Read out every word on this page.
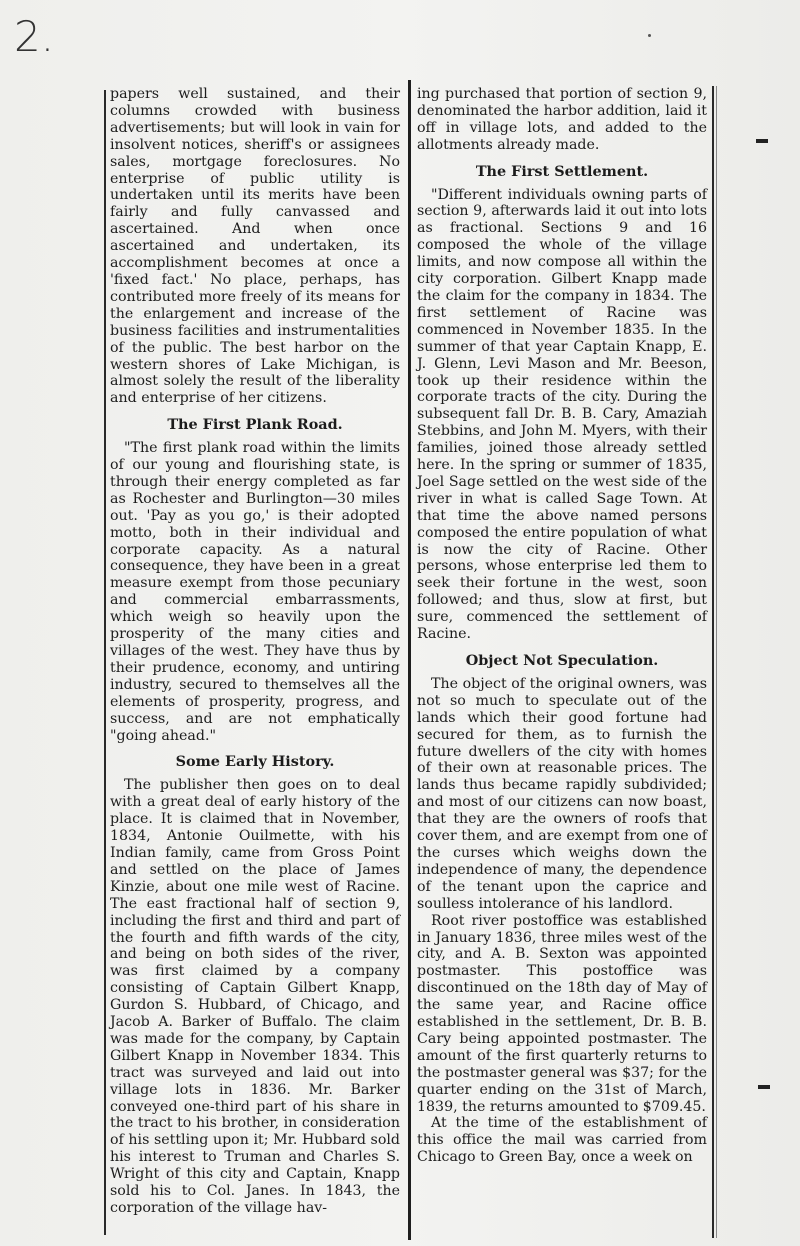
2.

papers well sustained, and their columns crowded with business advertisements; but will look in vain for insolvent notices, sheriff's or assignees sales, mortgage foreclosures. No enterprise of public utility is undertaken until its merits have been fairly and fully canvassed and ascertained. And when once ascertained and undertaken, its accomplishment becomes at once a 'fixed fact.' No place, perhaps, has contributed more freely of its means for the enlargement and increase of the business facilities and instrumentalities of the public. The best harbor on the western shores of Lake Michigan, is almost solely the result of the liberality and enterprise of her citizens.

The First Plank Road.

"The first plank road within the limits of our young and flourishing state, is through their energy completed as far as Rochester and Burlington—30 miles out. 'Pay as you go,' is their adopted motto, both in their individual and corporate capacity. As a natural consequence, they have been in a great measure exempt from those pecuniary and commercial embarrassments, which weigh so heavily upon the prosperity of the many cities and villages of the west. They have thus by their prudence, economy, and untiring industry, secured to themselves all the elements of prosperity, progress, and success, and are not emphatically "going ahead."

Some Early History.

The publisher then goes on to deal with a great deal of early history of the place. It is claimed that in November, 1834, Antonie Ouilmette, with his Indian family, came from Gross Point and settled on the place of James Kinzie, about one mile west of Racine. The east fractional half of section 9, including the first and third and part of the fourth and fifth wards of the city, and being on both sides of the river, was first claimed by a company consisting of Captain Gilbert Knapp, Gurdon S. Hubbard, of Chicago, and Jacob A. Barker of Buffalo. The claim was made for the company, by Captain Gilbert Knapp in November 1834. This tract was surveyed and laid out into village lots in 1836. Mr. Barker conveyed one-third part of his share in the tract to his brother, in consideration of his settling upon it; Mr. Hubbard sold his interest to Truman and Charles S. Wright of this city and Captain, Knapp sold his to Col. Janes. In 1843, the corporation of the village hav-

ing purchased that portion of section 9, denominated the harbor addition, laid it off in village lots, and added to the allotments already made.

The First Settlement.

"Different individuals owning parts of section 9, afterwards laid it out into lots as fractional. Sections 9 and 16 composed the whole of the village limits, and now compose all within the city corporation. Gilbert Knapp made the claim for the company in 1834. The first settlement of Racine was commenced in November 1835. In the summer of that year Captain Knapp, E. J. Glenn, Levi Mason and Mr. Beeson, took up their residence within the corporate tracts of the city. During the subsequent fall Dr. B. B. Cary, Amaziah Stebbins, and John M. Myers, with their families, joined those already settled here. In the spring or summer of 1835, Joel Sage settled on the west side of the river in what is called Sage Town. At that time the above named persons composed the entire population of what is now the city of Racine. Other persons, whose enterprise led them to seek their fortune in the west, soon followed; and thus, slow at first, but sure, commenced the settlement of Racine.

Object Not Speculation.

The object of the original owners, was not so much to speculate out of the lands which their good fortune had secured for them, as to furnish the future dwellers of the city with homes of their own at reasonable prices. The lands thus became rapidly subdivided; and most of our citizens can now boast, that they are the owners of roofs that cover them, and are exempt from one of the curses which weighs down the independence of many, the dependence of the tenant upon the caprice and soulless intolerance of his landlord.

Root river postoffice was established in January 1836, three miles west of the city, and A. B. Sexton was appointed postmaster. This postoffice was discontinued on the 18th day of May of the same year, and Racine office established in the settlement, Dr. B. B. Cary being appointed postmaster. The amount of the first quarterly returns to the postmaster general was $37; for the quarter ending on the 31st of March, 1839, the returns amounted to $709.45.

At the time of the establishment of this office the mail was carried from Chicago to Green Bay, once a week on
